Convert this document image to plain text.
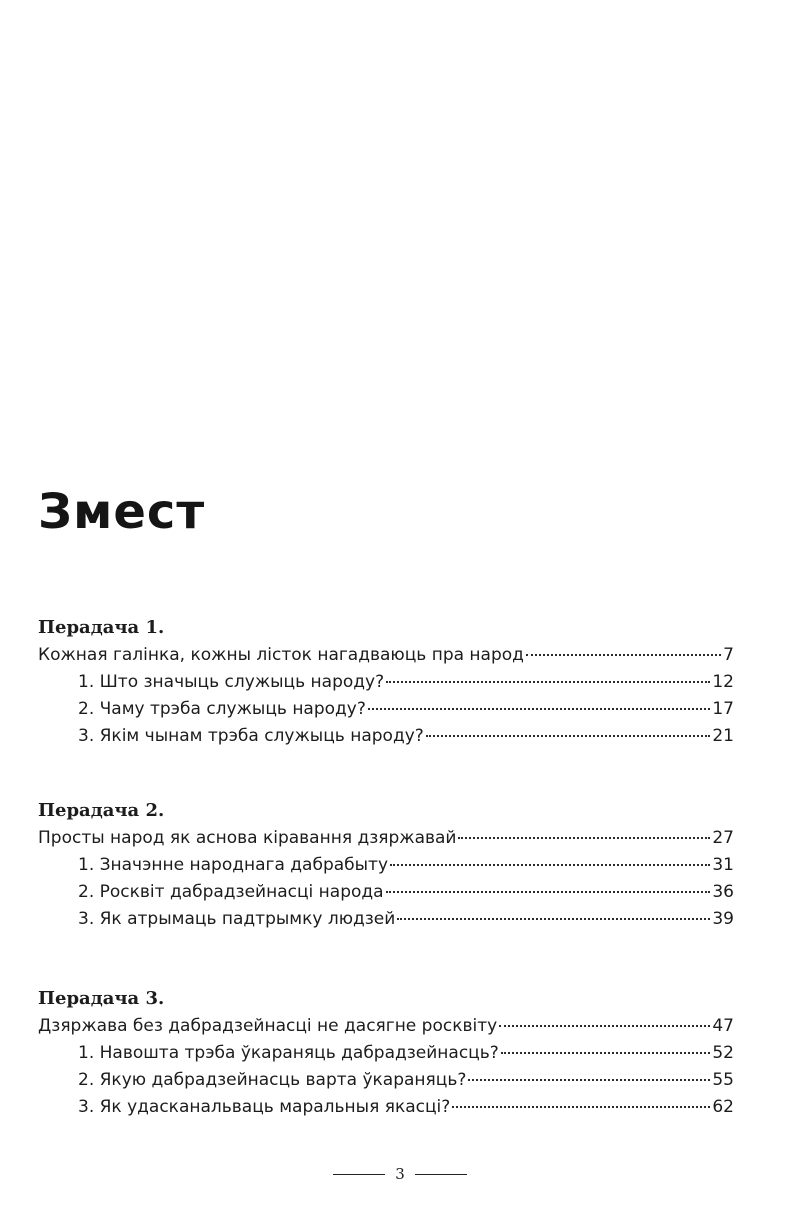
Змест
Перадача 1.
Кожная галінка, кожны лісток нагадваюць пра народ	7
1. Што значыць служыць народу?	12
2. Чаму трэба служыць народу?	17
3. Якім чынам трэба служыць народу?	21
Перадача 2.
Просты народ як аснова кіравання дзяржавай	27
1. Значэнне народнага дабрабыту	31
2. Росквіт дабрадзейнасці народа	36
3. Як атрымаць падтрымку людзей	39
Перадача 3.
Дзяржава без дабрадзейнасці не дасягне росквіту	47
1. Навошта трэба ўкараняць дабрадзейнасць?	52
2. Якую дабрадзейнасць варта ўкараняць?	55
3. Як удасканальваць маральныя якасці?	62
3
